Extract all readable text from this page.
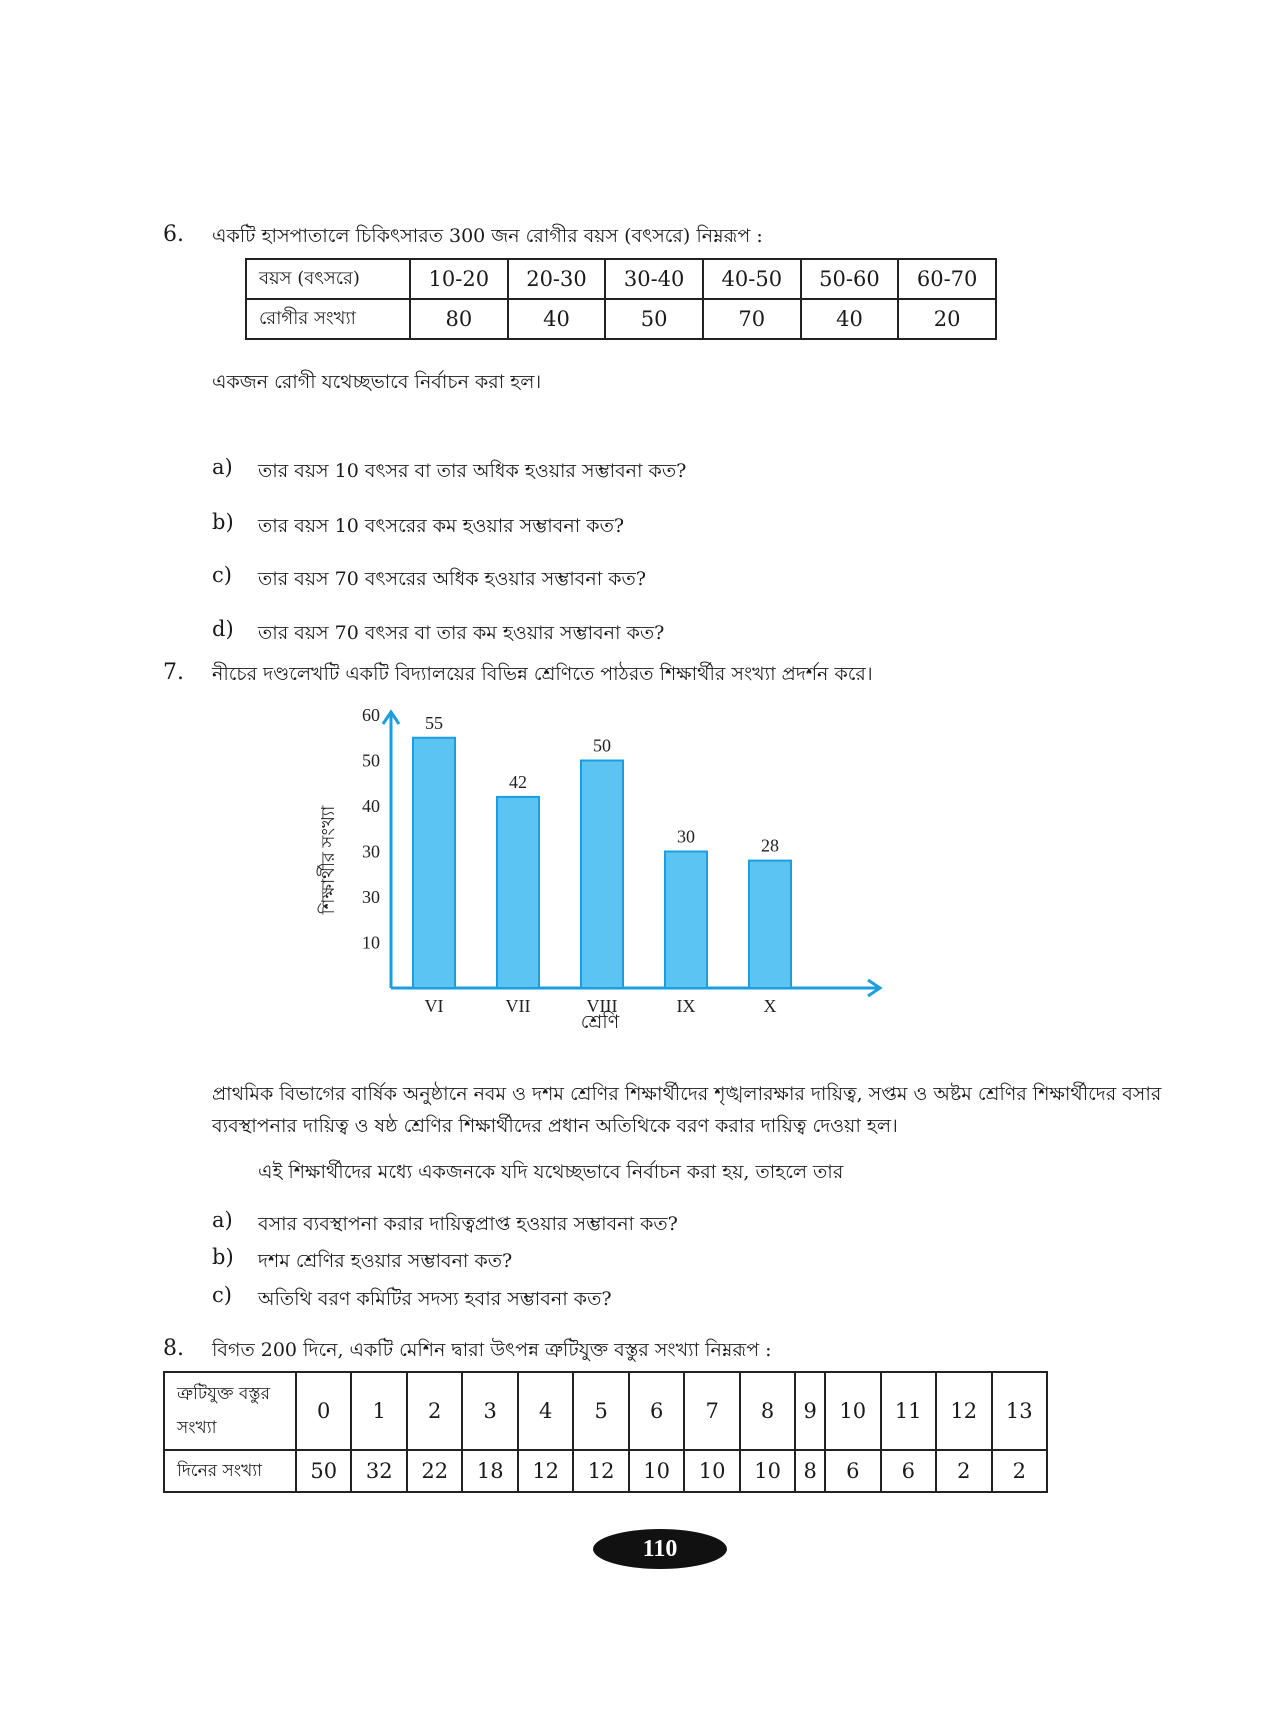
6. একটি হাসপাতালে চিকিৎসারত 300 জন রোগীর বয়স (বৎসরে) নিম্নরূপ :
বয়স (বৎসরে)	10-20	20-30	30-40	40-50	50-60	60-70
রোগীর সংখ্যা	80	40	50	70	40	20
একজন রোগী যথেচ্ছভাবে নির্বাচন করা হল।
a) তার বয়স 10 বৎসর বা তার অধিক হওয়ার সম্ভাবনা কত?
b) তার বয়স 10 বৎসরের কম হওয়ার সম্ভাবনা কত?
c) তার বয়স 70 বৎসরের অধিক হওয়ার সম্ভাবনা কত?
d) তার বয়স 70 বৎসর বা তার কম হওয়ার সম্ভাবনা কত?
7. নীচের দণ্ডলেখটি একটি বিদ্যালয়ের বিভিন্ন শ্রেণিতে পাঠরত শিক্ষার্থীর সংখ্যা প্রদর্শন করে।
10
30
30
40
50
60	55
VI
42
VII
50
VIII
30
IX
28
X
শ্রেণি
শিক্ষার্থীর সংখ্যা
প্রাথমিক বিভাগের বার্ষিক অনুষ্ঠানে নবম ও দশম শ্রেণির শিক্ষার্থীদের শৃঙ্খলারক্ষার দায়িত্ব, সপ্তম ও অষ্টম শ্রেণির শিক্ষার্থীদের বসার ব্যবস্থাপনার দায়িত্ব ও ষষ্ঠ শ্রেণির শিক্ষার্থীদের প্রধান অতিথিকে বরণ করার দায়িত্ব দেওয়া হল।
এই শিক্ষার্থীদের মধ্যে একজনকে যদি যথেচ্ছভাবে নির্বাচন করা হয়, তাহলে তার
a) বসার ব্যবস্থাপনা করার দায়িত্বপ্রাপ্ত হওয়ার সম্ভাবনা কত?
b) দশম শ্রেণির হওয়ার সম্ভাবনা কত?
c) অতিথি বরণ কমিটির সদস্য হবার সম্ভাবনা কত?
8. বিগত 200 দিনে, একটি মেশিন দ্বারা উৎপন্ন ত্রুটিযুক্ত বস্তুর সংখ্যা নিম্নরূপ :
ত্রুটিযুক্ত বস্তুর
সংখ্যা	0	1	2	3	4	5	6	7	8	9	10	11	12	13
দিনের সংখ্যা	50	32	22	18	12	12	10	10	10	8	6	6	2	2
110
